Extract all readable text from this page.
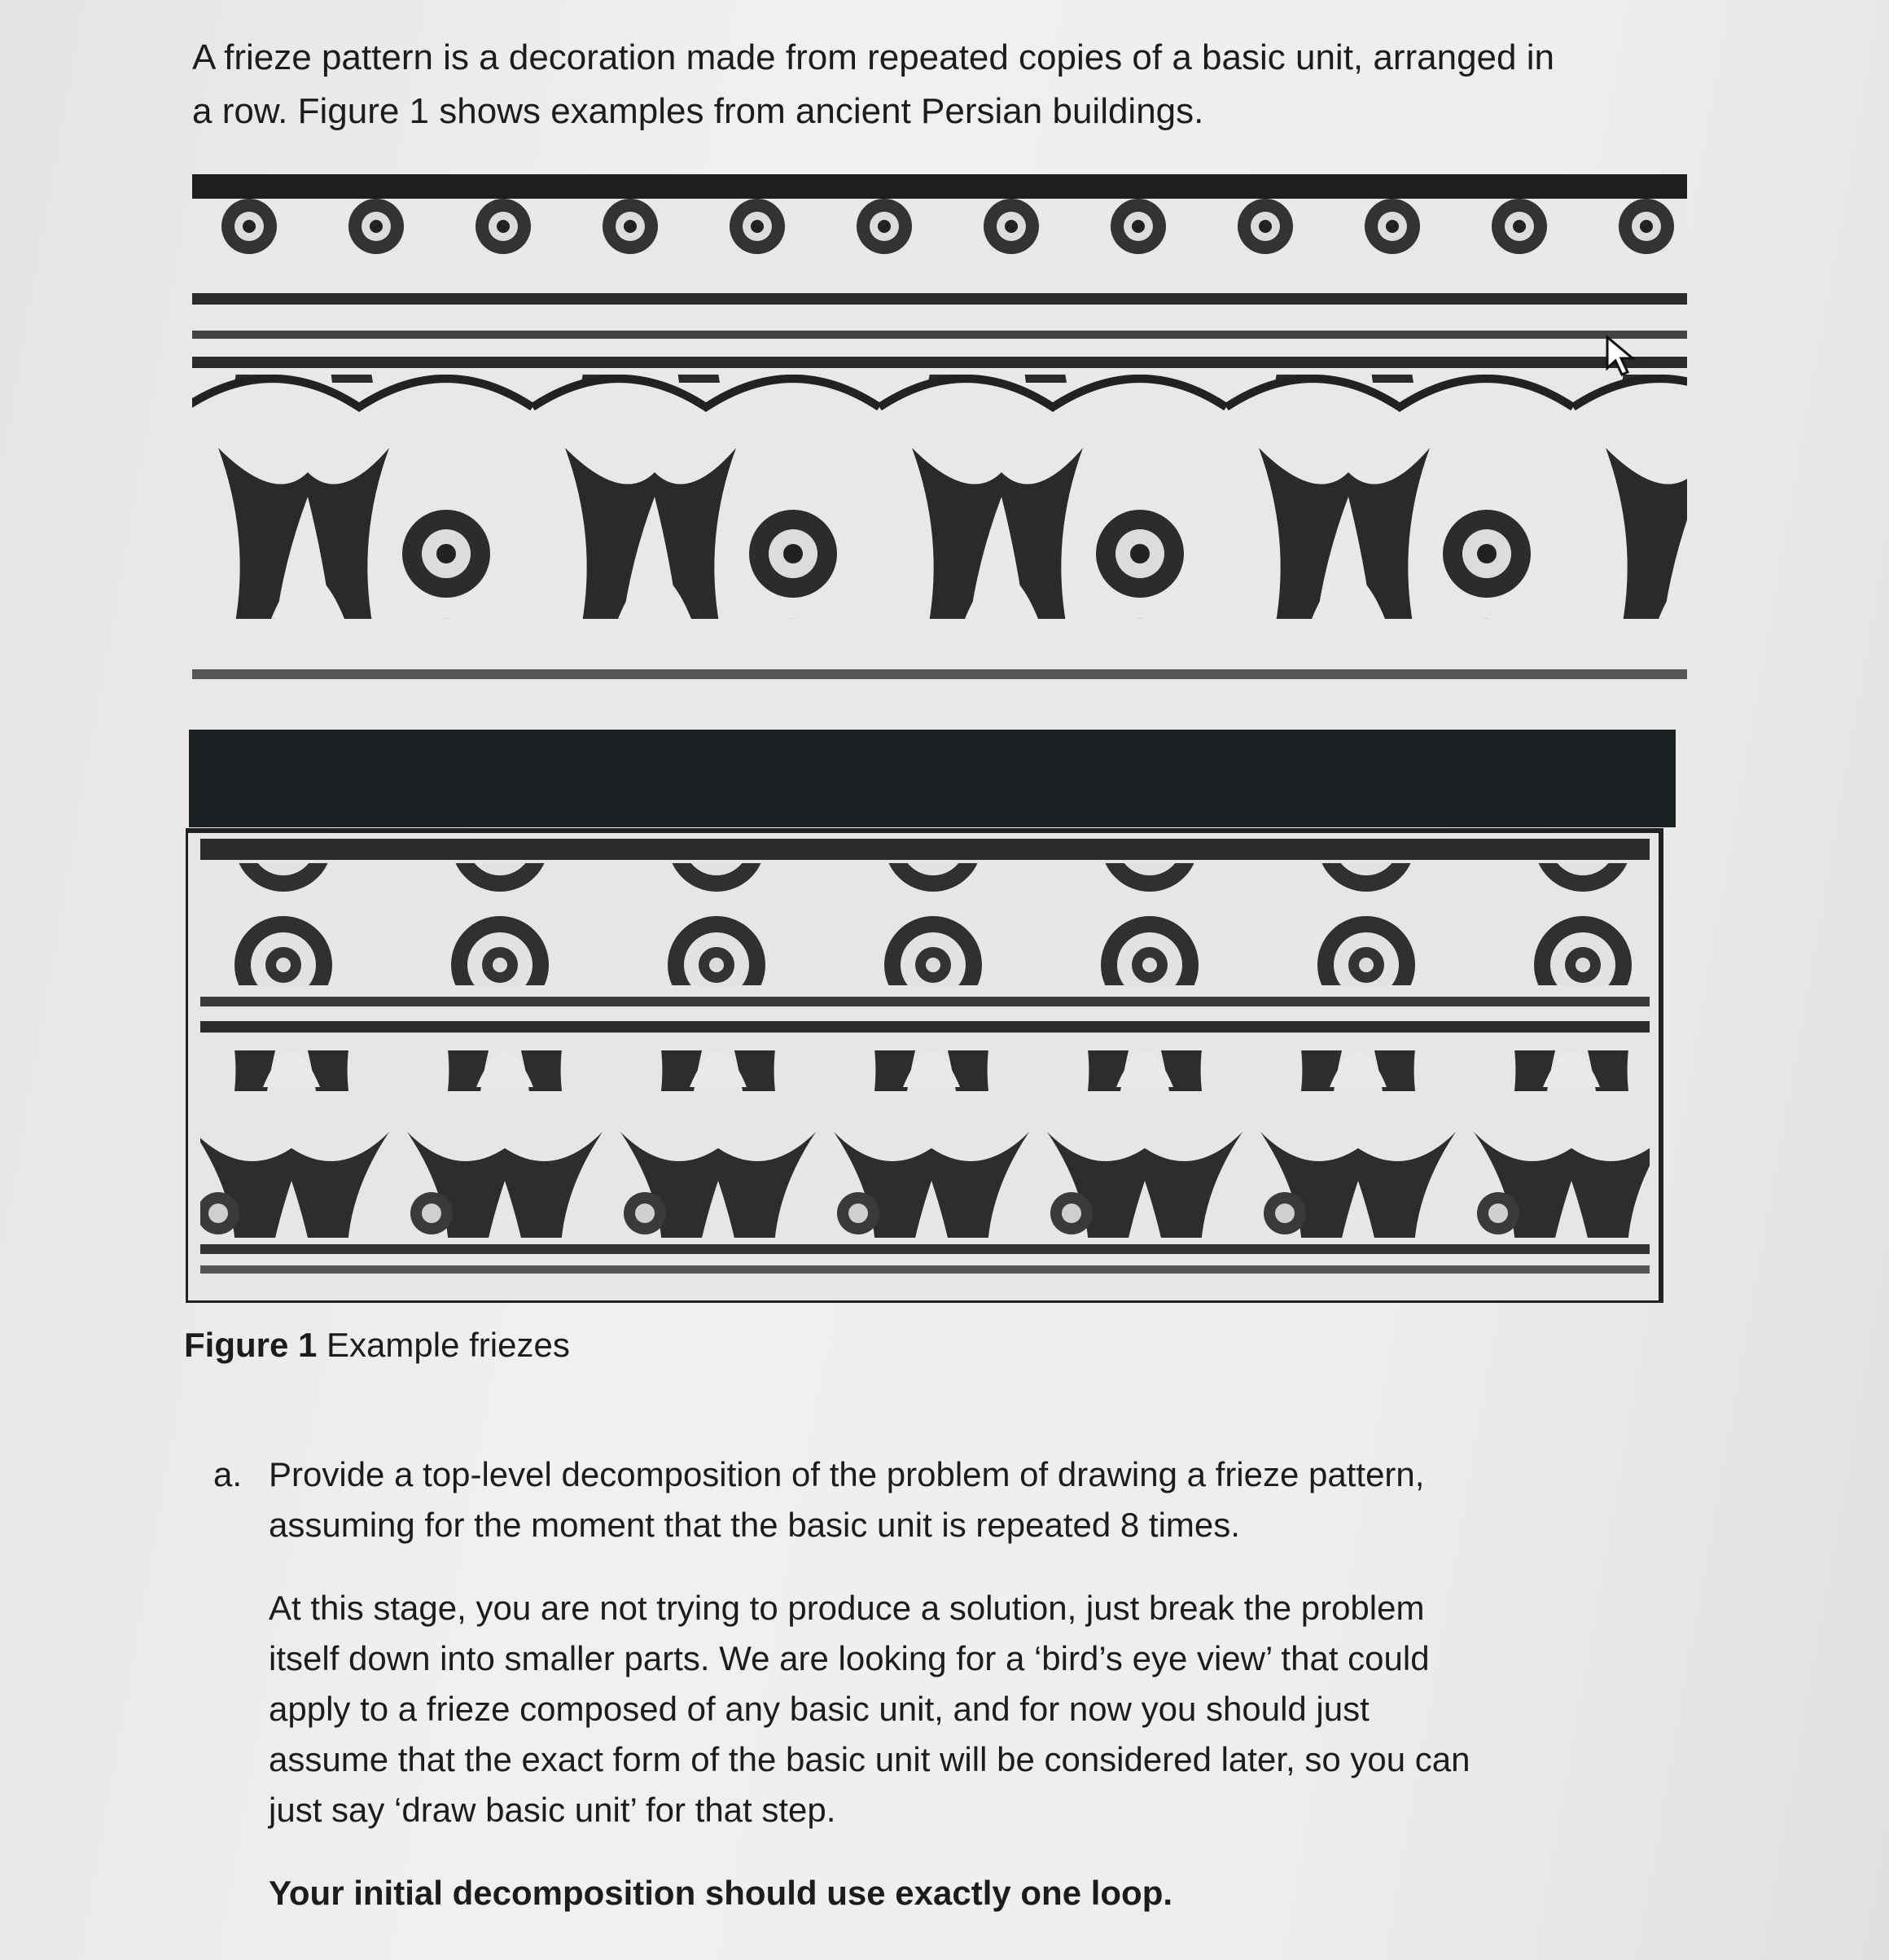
A frieze pattern is a decoration made from repeated copies of a basic unit, arranged in a row. Figure 1 shows examples from ancient Persian buildings.

Figure 1 Example friezes

a. Provide a top-level decomposition of the problem of drawing a frieze pattern, assuming for the moment that the basic unit is repeated 8 times.

At this stage, you are not trying to produce a solution, just break the problem itself down into smaller parts. We are looking for a ‘bird’s eye view’ that could apply to a frieze composed of any basic unit, and for now you should just assume that the exact form of the basic unit will be considered later, so you can just say ‘draw basic unit’ for that step.

Your initial decomposition should use exactly one loop.
